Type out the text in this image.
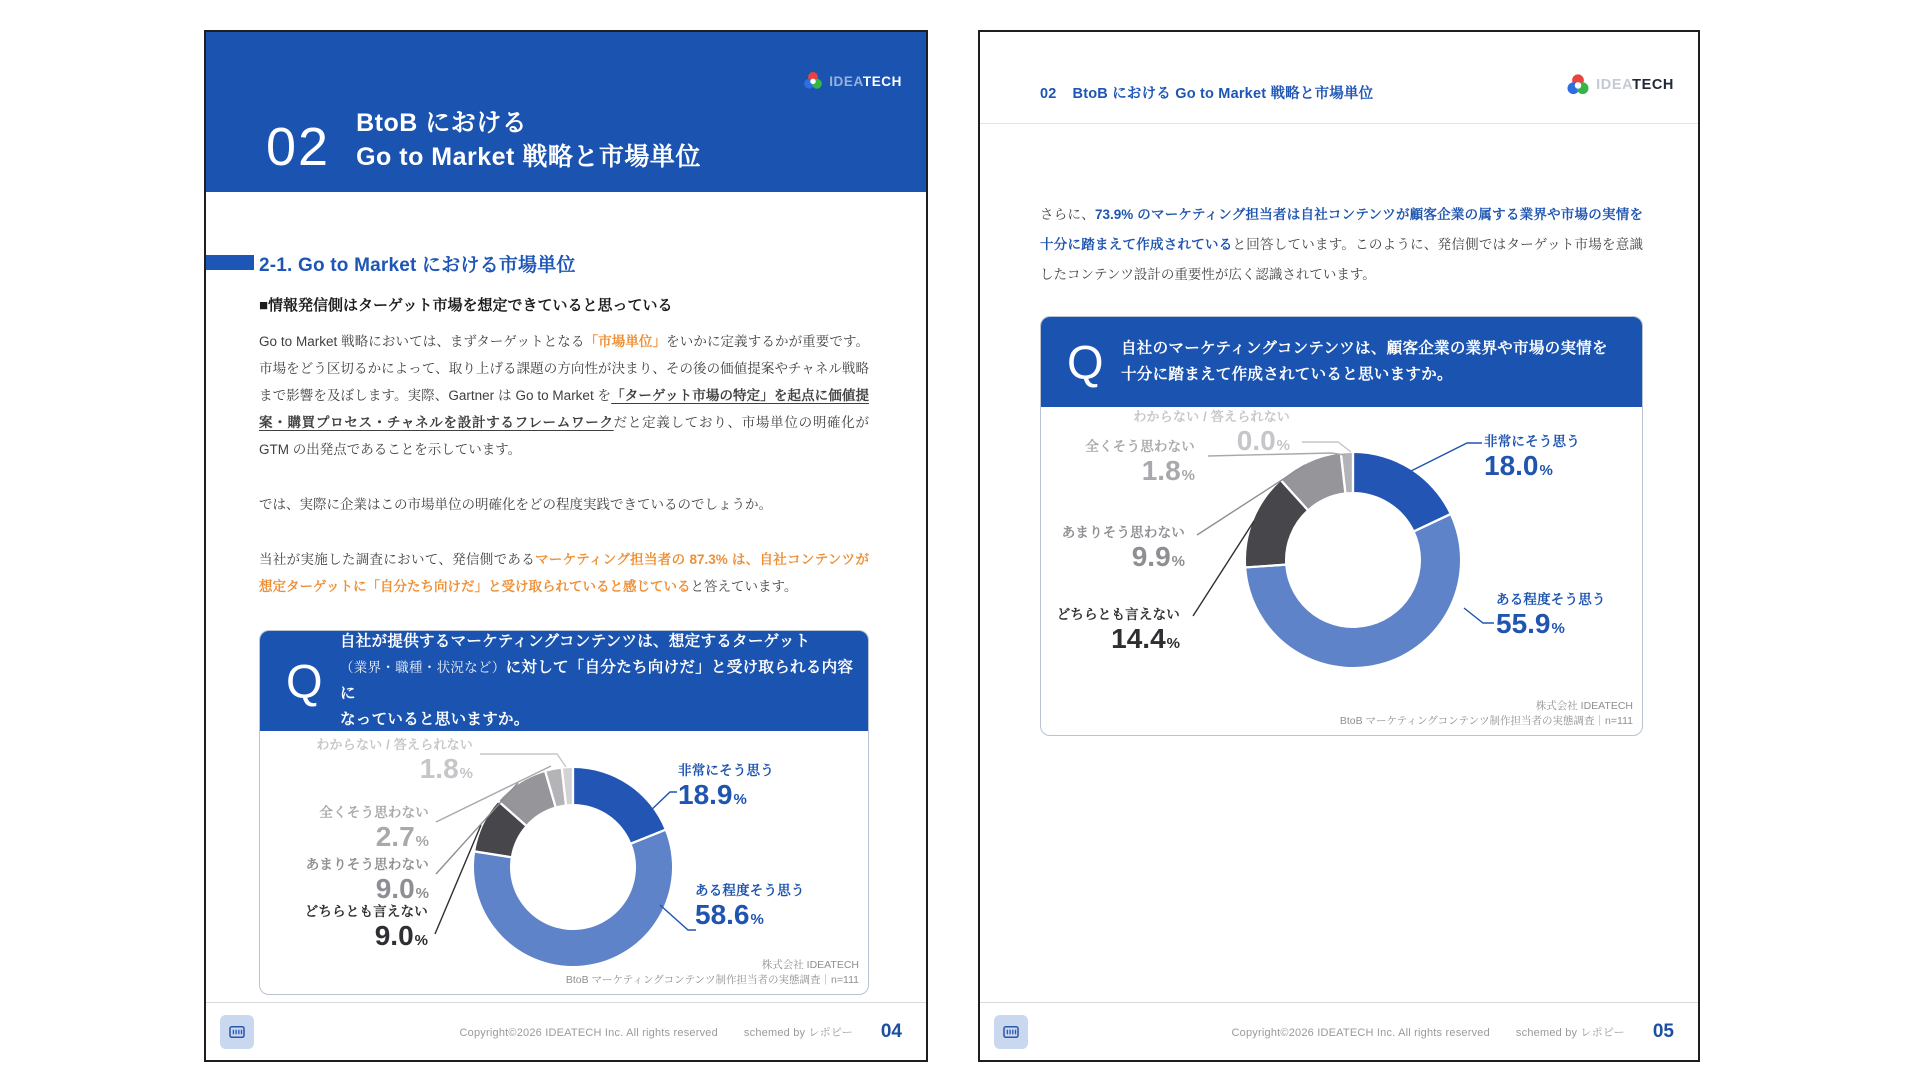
02 BtoB における
Go to Market 戦略と市場単位
IDEATECH
2-1. Go to Market における市場単位
■情報発信側はターゲット市場を想定できていると思っている

Go to Market 戦略においては、まずターゲットとなる「市場単位」をいかに定義するかが重要です。市場をどう区切るかによって、取り上げる課題の方向性が決まり、その後の価値提案やチャネル戦略まで影響を及ぼします。実際、Gartner は Go to Market を「ターゲット市場の特定」を起点に価値提案・購買プロセス・チャネルを設計するフレームワークだと定義しており、市場単位の明確化が GTM の出発点であることを示しています。

では、実際に企業はこの市場単位の明確化をどの程度実践できているのでしょうか。

当社が実施した調査において、発信側であるマーケティング担当者の 87.3% は、自社コンテンツが想定ターゲットに「自分たち向けだ」と受け取られていると感じていると答えています。

Q
自社が提供するマーケティングコンテンツは、想定するターゲット
（業界・職種・状況など）に対して「自分たち向けだ」と受け取られる内容に
なっていると思いますか。
株式会社 IDEATECH
BtoB マーケティングコンテンツ制作担当者の実態調査｜n=111
非常にそう思う
18.9%
ある程度そう思う
58.6%
どちらとも言えない
9.0%
あまりそう思わない
9.0%
全くそう思わない
2.7%
わからない / 答えられない
1.8%
Copyright©2026 IDEATECH Inc. All rights reserved schemed by レポピー 04
02 BtoB における Go to Market 戦略と市場単位
IDEATECH

さらに、73.9% のマーケティング担当者は自社コンテンツが顧客企業の属する業界や市場の実情を十分に踏まえて作成されていると回答しています。このように、発信側ではターゲット市場を意識したコンテンツ設計の重要性が広く認識されています。

Q 自社のマーケティングコンテンツは、顧客企業の業界や市場の実情を
十分に踏まえて作成されていると思いますか。
株式会社 IDEATECH
BtoB マーケティングコンテンツ制作担当者の実態調査｜n=111
非常にそう思う
18.0%
ある程度そう思う
55.9%
どちらとも言えない
14.4%
あまりそう思わない
9.9%
全くそう思わない
1.8%
わからない / 答えられない
0.0%
Copyright©2026 IDEATECH Inc. All rights reserved schemed by レポピー 05
